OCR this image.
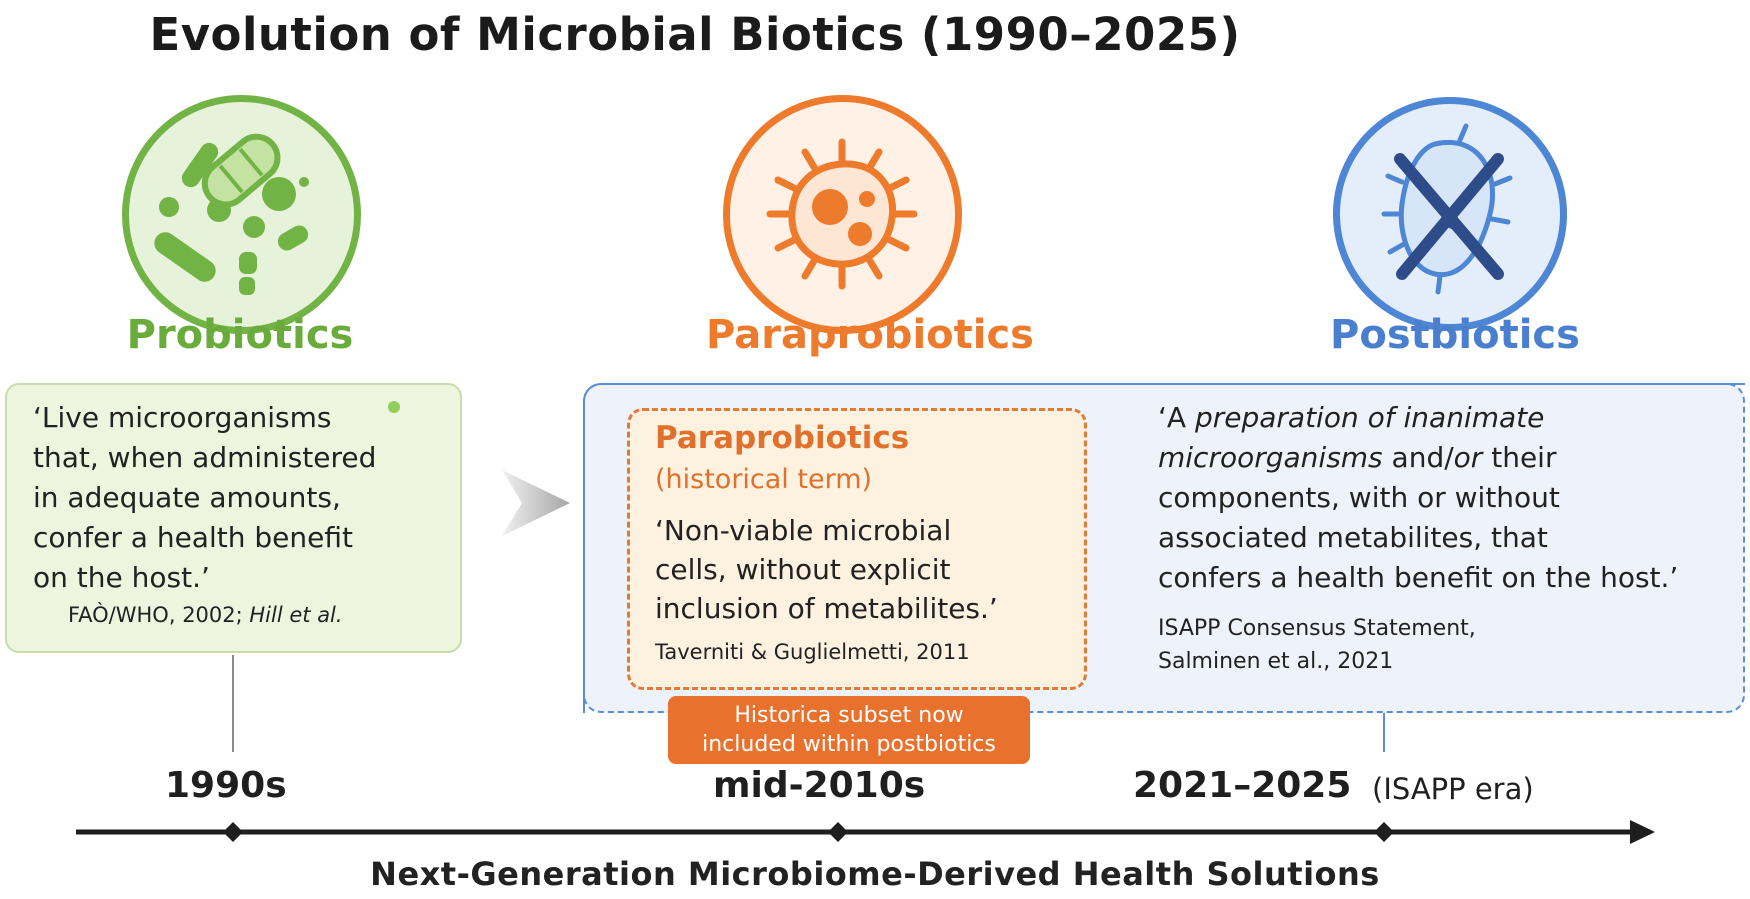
Evolution of Microbial Biotics (1990–2025)
Probiotics	Paraprobiotics	Postbiotics
‘Live microorganisms
that, when administered
in adequate amounts,
confer a health benefit
on the host.’
FAÒ/WHO, 2002; Hill et al.
Paraprobiotics
(historical term)
‘Non-viable microbial
cells, without explicit
inclusion of metabilites.’
Taverniti & Guglielmetti, 2011
‘A preparation of inanimate
microorganisms and/or their
components, with or without
associated metabilites, that
confers a health benefit on the host.’
ISAPP Consensus Statement,
Salminen et al., 2021
Historica subset now
included within postbiotics
1990s	mid-2010s	2021–2025 (ISAPP era)
Next-Generation Microbiome-Derived Health Solutions
